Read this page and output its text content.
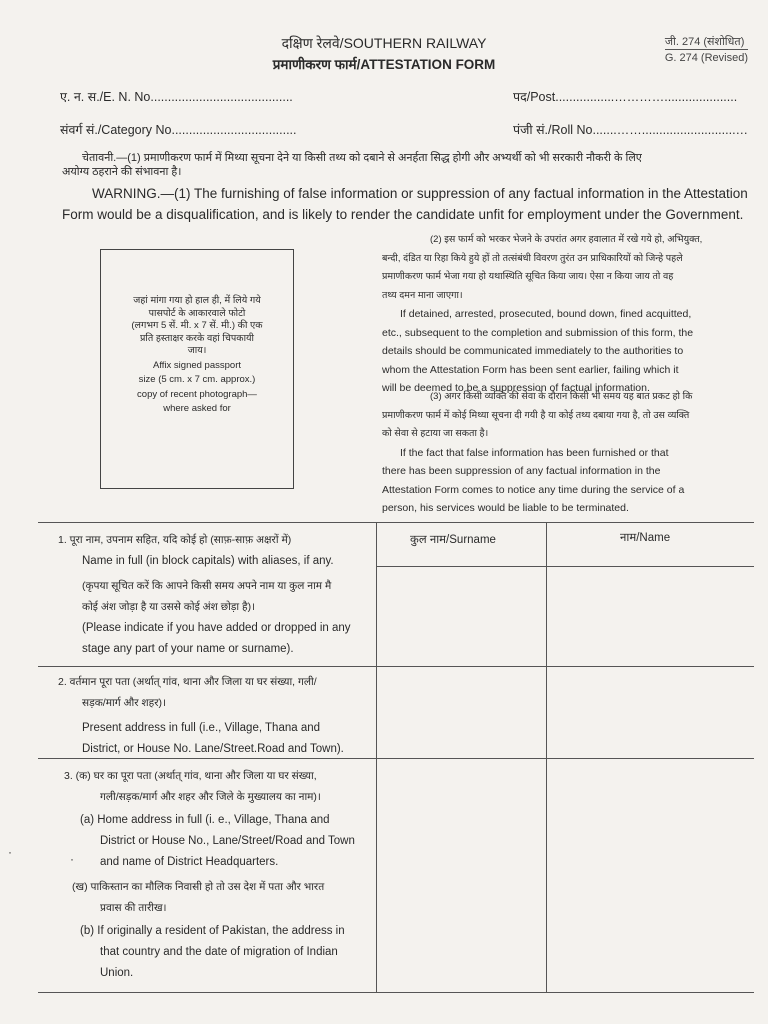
दक्षिण रेलवे/SOUTHERN RAILWAY
प्रमाणीकरण फार्म/ATTESTATION FORM
जी. 274 (संशोधित)
G. 274 (Revised)
ए. न. स./E. N. No.........................................	पद/Post.................………….....................
संवर्ग सं./Category No....................................	पंजी सं./Roll No.......……...........................…
चेतावनी.—(1) प्रमाणीकरण फार्म में मिथ्या सूचना देने या किसी तथ्य को दबाने से अनर्हता सिद्ध होगी और अभ्यर्थी को भी सरकारी नौकरी के लिए
अयोग्य ठहराने की संभावना है।
WARNING.—(1) The furnishing of false information or suppression of any factual information in the Attestation
Form would be a disqualification, and is likely to render the candidate unfit for employment under the Government.
जहां मांगा गया हो हाल ही, में लिये गये
पासपोर्ट के आकारवाले फोटो
(लगभग 5 सें. मी. x 7 सें. मी.) की एक
प्रति हस्ताक्षर करके वहां चिपकायी
जाय।
Affix signed passport
size (5 cm. x 7 cm. approx.)
copy of recent photograph—
where asked for
(2) इस फार्म को भरकर भेजने के उपरांत अगर हवालात में रखे गये हो, अभियुक्त,
बन्दी, दंडित या रिहा किये हुये हों तो तत्संबंधी विवरण तुरंत उन प्राधिकारियों को जिन्हे पहले
प्रमाणीकरण फार्म भेजा गया हो यथास्थिति सूचित किया जाय। ऐसा न किया जाय तो वह
तथ्य दमन माना जाएगा।
If detained, arrested, prosecuted, bound down, fined acquitted,
etc., subsequent to the completion and submission of this form, the
details should be communicated immediately to the authorities to
whom the Attestation Form has been sent earlier, failing which it
will be deemed to be a suppression of factual information.
(3) अगर किसी व्यक्ति की सेवा के दौरान किसी भी समय यह बात प्रकट हो कि
प्रमाणीकरण फार्म में कोई मिथ्या सूचना दी गयी है या कोई तथ्य दबाया गया है, तो उस व्यक्ति
को सेवा से हटाया जा सकता है।
If the fact that false information has been furnished or that
there has been suppression of any factual information in the
Attestation Form comes to notice any time during the service of a
person, his services would be liable to be terminated.
कुल नाम/Surname	नाम/Name
1. पूरा नाम, उपनाम सहित, यदि कोई हो (साफ़-साफ़ अक्षरों में)
Name in full (in block capitals) with aliases, if any.
(कृपया सूचित करें कि आपने किसी समय अपने नाम या कुल नाम मै
कोई अंश जोड़ा है या उससे कोई अंश छोड़ा है)।
(Please indicate if you have added or dropped in any
stage any part of your name or surname).
2. वर्तमान पूरा पता (अर्थात् गांव, थाना और जिला या घर संख्या, गली/
सड़क/मार्ग और शहर)।
Present address in full (i.e., Village, Thana and
District, or House No. Lane/Street.Road and Town).
3. (क) घर का पूरा पता (अर्थात् गांव, थाना और जिला या घर संख्या,
गली/सड़क/मार्ग और शहर और जिले के मुख्यालय का नाम)।
(a) Home address in full (i. e., Village, Thana and
District or House No., Lane/Street/Road and Town
and name of District Headquarters.
(ख) पाकिस्तान का मौलिक निवासी हो तो उस देश में पता और भारत
प्रवास की तारीख।
(b) If originally a resident of Pakistan, the address in
that country and the date of migration of Indian
Union.
·	·
